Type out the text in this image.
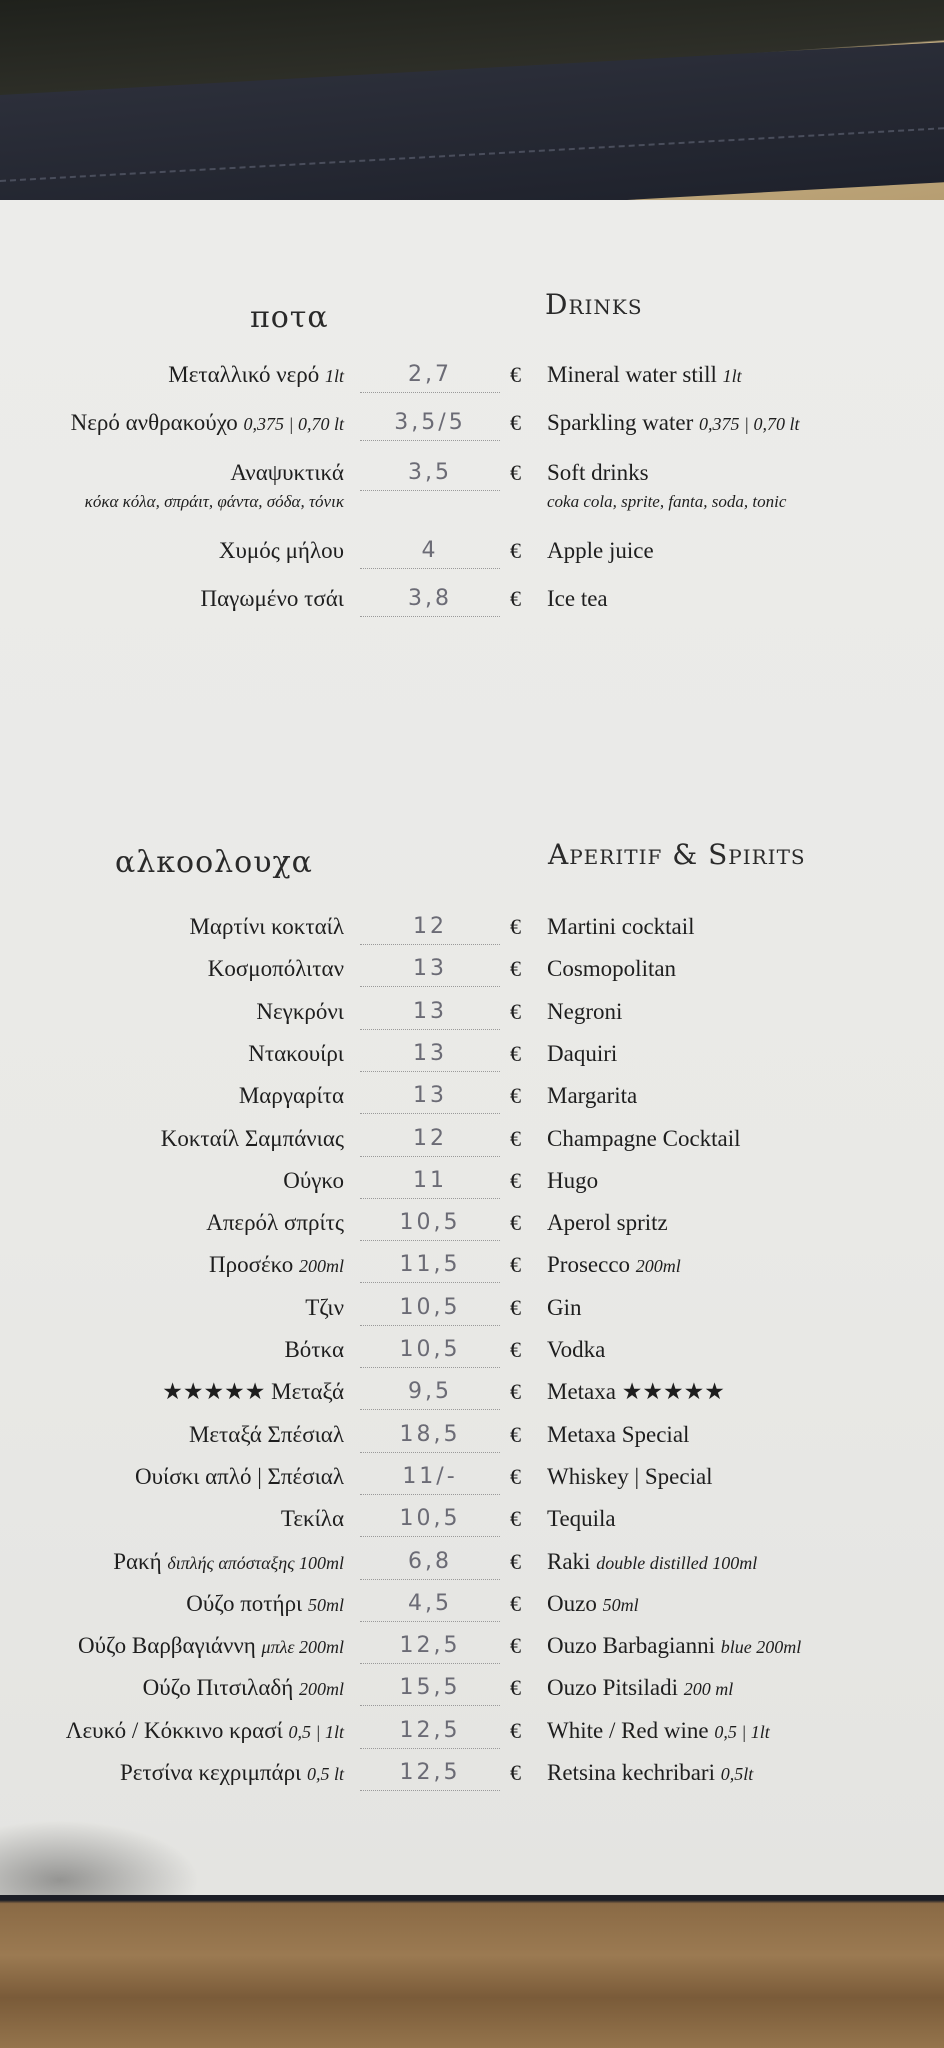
ποτα	Drinks
αλκοολουχα	Aperitif & Spirits
Μεταλλικό νερό 1lt	2,7	€ Mineral water still 1lt
Νερό ανθρακούχο 0,375 | 0,70 lt	3,5/5	€ Sparkling water 0,375 | 0,70 lt
Αναψυκτικά	3,5	€ Soft drinks
κόκα κόλα, σπράιτ, φάντα, σόδα, τόνικ	coka cola, sprite, fanta, soda, tonic
Χυμός μήλου	4	€ Apple juice
Παγωμένο τσάι	3,8	€ Ice tea
Μαρτίνι κοκταίλ	12	€ Martini cocktail
Κοσμοπόλιταν	13	€ Cosmopolitan
Νεγκρόνι	13	€ Negroni
Ντακουίρι	13	€ Daquiri
Μαργαρίτα	13	€ Margarita
Κοκταίλ Σαμπάνιας	12	€ Champagne Cocktail
Ούγκο	11	€ Hugo
Απερόλ σπρίτς	10,5	€ Aperol spritz
Προσέκο 200ml	11,5	€ Prosecco 200ml
Τζιν	10,5	€ Gin
Βότκα	10,5	€ Vodka
★★★★★ Μεταξά	9,5	€ Metaxa ★★★★★
Μεταξά Σπέσιαλ	18,5	€ Metaxa Special
Ουίσκι απλό | Σπέσιαλ	11/-	€ Whiskey | Special
Τεκίλα	10,5	€ Tequila
Ρακή διπλής απόσταξης 100ml	6,8	€ Raki double distilled 100ml
Ούζο ποτήρι 50ml	4,5	€ Ouzo 50ml
Ούζο Βαρβαγιάννη μπλε 200ml	12,5	€ Ouzo Barbagianni blue 200ml
Ούζο Πιτσιλαδή 200ml	15,5	€ Ouzo Pitsiladi 200 ml
Λευκό / Κόκκινο κρασί 0,5 | 1lt	12,5	€ White / Red wine 0,5 | 1lt
Ρετσίνα κεχριμπάρι 0,5 lt	12,5	€ Retsina kechribari 0,5lt
